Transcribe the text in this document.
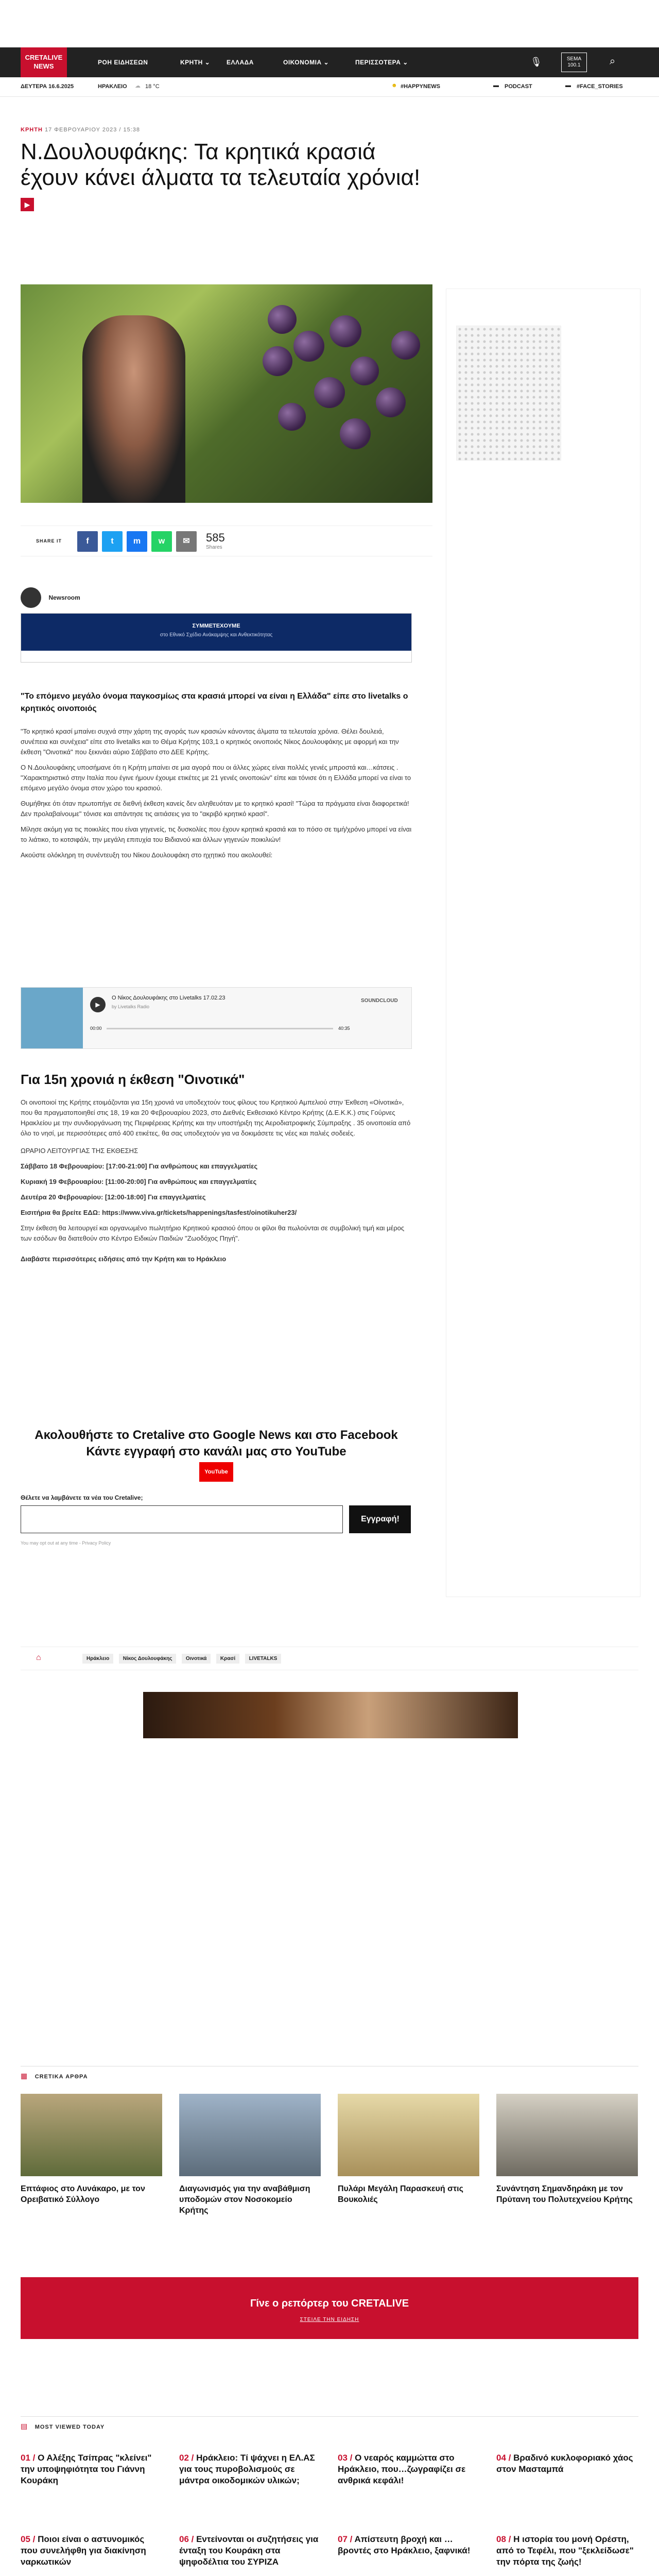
CRETALIVE
NEWS	ΡΟΗ ΕΙΔΗΣΕΩΝ	ΚΡΗΤΗ ⌄	ΕΛΛΑΔΑ	ΟΙΚΟΝΟΜΙΑ ⌄	ΠΕΡΙΣΣΟΤΕΡΑ ⌄	🎙	SEMA
100.1	⌕
ΔΕΥΤΕΡΑ 16.6.2025	ΗΡΑΚΛΕΙΟ ☁ 18 °C	☻ #HAPPYNEWS	▬ PODCAST	▬ #FACE_STORIES
ΚΡΗΤΗ 17 ΦΕΒΡΟΥΑΡΙΟΥ 2023 / 15:38
Ν.Δουλουφάκης: Τα κρητικά κρασιά έχουν κάνει άλματα τα τελευταία χρόνια! ▶
SHARE IT	f	t	m	w	✉	585
Shares
Newsroom
ΣΥΜΜΕΤΕΧΟΥΜΕ
στο Εθνικό Σχέδιο Ανάκαμψης και Ανθεκτικότητας

"Το επόμενο μεγάλο όνομα παγκοσμίως στα κρασιά μπορεί να είναι η Ελλάδα" είπε στο livetalks ο κρητικός οινοποιός

"Το κρητικό κρασί μπαίνει συχνά στην χάρτη της αγοράς των κρασιών κάνοντας άλματα τα τελευταία χρόνια. Θέλει δουλειά, συνέπεια και συνέχεια" είπε στο livetalks και το Θέμα Κρήτης 103,1 ο κρητικός οινοποιός Νίκος Δουλουφάκης με αφορμή και την έκθεση "Οινοτικά" που ξεκινάει αύριο Σάββατο στο ΔΕΕ Κρήτης.

Ο Ν.Δουλουφάκης υποσήμανε ότι η Κρήτη μπαίνει σε μια αγορά που οι άλλες χώρες είναι πολλές γενιές μπροστά και…κάτσεις . "Χαρακτηριστικό στην Ιταλία που έγινε ήμουν έχουμε ετικέτες με 21 γενιές οινοποιών" είπε και τόνισε ότι η Ελλάδα μπορεί να είναι το επόμενο μεγάλο όνομα στον χώρο του κρασιού.

Θυμήθηκε ότι όταν πρωτοπήγε σε διεθνή έκθεση κανείς δεν αληθευόταν με το κρητικό κρασί! "Τώρα τα πράγματα είναι διαφορετικά! Δεν προλαβαίνουμε" τόνισε και απάντησε τις αιτιάσεις για το "ακριβό κρητικό κρασί".

Μίλησε ακόμη για τις ποικιλίες που είναι γηγενείς, τις δυσκολίες που έχουν κρητικά κρασιά και το πόσο σε τιμή/χρόνο μπορεί να είναι το λιάτικο, το κοτσιφάλι, την μεγάλη επιτυχία του Βιδιανού και άλλων γηγενών ποικιλιών!

Ακούστε ολόκληρη τη συνέντευξη του Νίκου Δουλουφάκη στο ηχητικό που ακολουθεί:

▶
Ο Νίκος Δουλουφάκης στο Livetalks 17.02.23
by Livetalks Radio
SOUNDCLOUD
00:00	40:35
Για 15η χρονιά η έκθεση "Οινοτικά"

Οι οινοποιοί της Κρήτης ετοιμάζονται για 15η χρονιά να υποδεχτούν τους φίλους του Κρητικού Αμπελιού στην Έκθεση «Οίνοτικά», που θα πραγματοποιηθεί στις 18, 19 και 20 Φεβρουαρίου 2023, στο Διεθνές Εκθεσιακό Κέντρο Κρήτης (Δ.Ε.Κ.Κ.) στις Γούρνες Ηρακλείου με την συνδιοργάνωση της Περιφέρειας Κρήτης και την υποστήριξη της Αεροδιατροφικής Σύμπραξης . 35 οινοποιεία από όλο το νησί, με περισσότερες από 400 ετικέτες, θα σας υποδεχτούν για να δοκιμάσετε τις νέες και παλιές σοδειές.

ΩΡΑΡΙΟ ΛΕΙΤΟΥΡΓΙΑΣ ΤΗΣ ΕΚΘΕΣΗΣ

Σάββατο 18 Φεβρουαρίου: [17:00-21:00] Για ανθρώπους και επαγγελματίες

Κυριακή 19 Φεβρουαρίου: [11:00-20:00] Για ανθρώπους και επαγγελματίες

Δευτέρα 20 Φεβρουαρίου: [12:00-18:00] Για επαγγελματίες

Εισιτήρια θα βρείτε ΕΔΩ: https://www.viva.gr/tickets/happenings/tasfest/oinotikuher23/

Στην έκθεση θα λειτουργεί και οργανωμένο πωλητήριο Κρητικού κρασιού όπου οι φίλοι θα πωλούνται σε συμβολική τιμή και μέρος των εσόδων θα διατεθούν στο Κέντρο Ειδικών Παιδιών "Ζωοδόχος Πηγή".

Διαβάστε περισσότερες ειδήσεις από την Κρήτη και το Ηράκλειο

Ακολουθήστε το Cretalive στο Google News και στο Facebook
Κάντε εγγραφή στο κανάλι μας στο YouTube
YouTube
Θέλετε να λαμβάνετε τα νέα του Cretalive;
Εγγραφή!
You may opt out at any time - Privacy Policy
⌂	Ηράκλειο	Νίκος Δουλουφάκης	Οινοτικά	Κρασί	LIVETALKS
▦ CRETIKA ΑΡΘΡΑ
Επτάφιος στο Λυνάκαρο, με τον Ορειβατικό Σύλλογο
Διαγωνισμός για την αναβάθμιση υποδομών στον Νοσοκομείο Κρήτης
Πυλάρι Μεγάλη Παρασκευή στις Βουκολιές
Συνάντηση Σημανδηράκη με τον Πρύτανη του Πολυτεχνείου Κρήτης
Γίνε ο ρεπόρτερ του CRETALIVE
ΣΤΕΙΛΕ ΤΗΝ ΕΙΔΗΣΗ
▤ MOST VIEWED TODAY
01 / Ο Αλέξης Τσίπρας "κλείνει" την υποψηφιότητα του Γιάννη Κουράκη
02 / Ηράκλειο: Τί ψάχνει η ΕΛ.ΑΣ για τους πυροβολισμούς σε μάντρα οικοδομικών υλικών;
03 / Ο νεαρός καμμώττα στο Ηράκλειο, που…ζωγραφίζει σε ανθρικά κεφάλι!
04 / Βραδινό κυκλοφοριακό χάος στον Μασταμπά
05 / Ποιοι είναι ο αστυνομικός που συνελήφθη για διακίνηση ναρκωτικών
06 / Εντείνονται οι συζητήσεις για ένταξη του Κουράκη στα ψηφοδέλτια του ΣΥΡΙΖΑ
07 / Απίστευτη βροχή και … βροντές στο Ηράκλειο, ξαφνικά!
08 / Η ιστορία του μονή Ορέστη, από το Τεφέλι, που "ξεκλείδωσε" την πόρτα της ζωής!
